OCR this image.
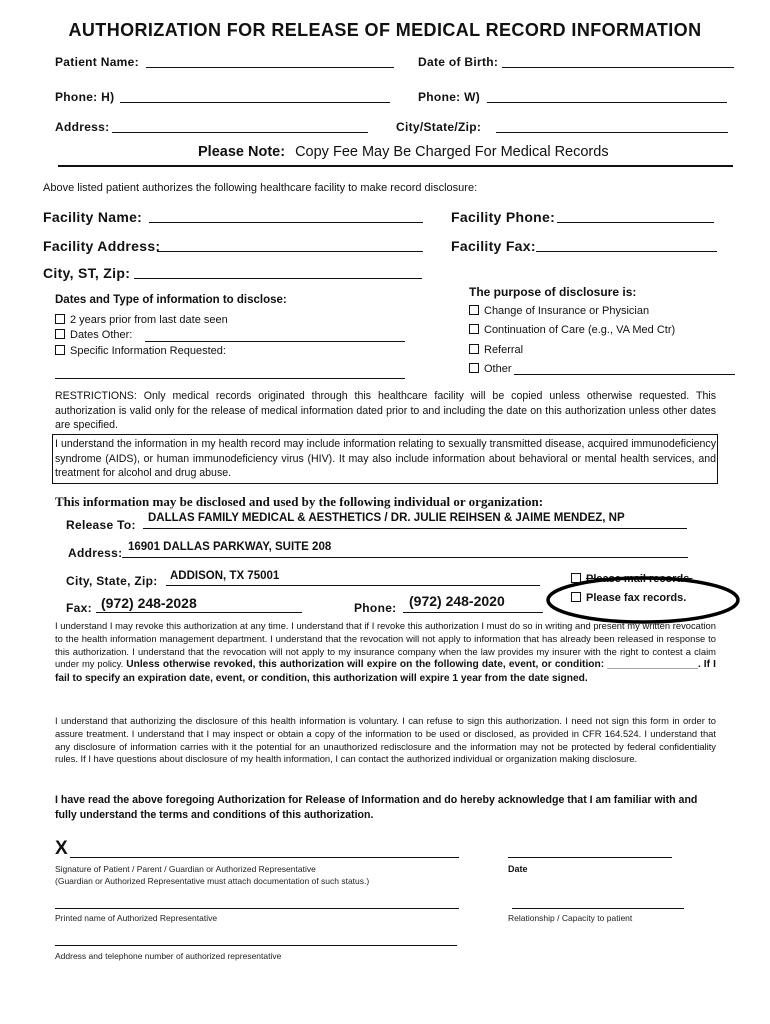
AUTHORIZATION FOR RELEASE OF MEDICAL RECORD INFORMATION
Patient Name:	Date of Birth:
Phone: H)	Phone: W)
Address:	City/State/Zip:
Please Note: Copy Fee May Be Charged For Medical Records
Above listed patient authorizes the following healthcare facility to make record disclosure:
Facility Name:	Facility Phone:
Facility Address:	Facility Fax:
City, ST, Zip:
Dates and Type of information to disclose:
2 years prior from last date seen
Dates Other:
Specific Information Requested:
The purpose of disclosure is:
Change of Insurance or Physician
Continuation of Care (e.g., VA Med Ctr)
Referral
Other
RESTRICTIONS: Only medical records originated through this healthcare facility will be copied unless otherwise requested. This authorization is valid only for the release of medical information dated prior to and including the date on this authorization unless other dates are specified.
I understand the information in my health record may include information relating to sexually transmitted disease, acquired immunodeficiency syndrome (AIDS), or human immunodeficiency virus (HIV). It may also include information about behavioral or mental health services, and treatment for alcohol and drug abuse.
This information may be disclosed and used by the following individual or organization:
Release To: DALLAS FAMILY MEDICAL & AESTHETICS / DR. JULIE REIHSEN & JAIME MENDEZ, NP
Address: 16901 DALLAS PARKWAY, SUITE 208
City, State, Zip: ADDISON, TX 75001
Fax: (972) 248-2028	Phone: (972) 248-2020
Please mail records.
Please fax records.
I understand I may revoke this authorization at any time. I understand that if I revoke this authorization I must do so in writing and present my written revocation to the health information management department. I understand that the revocation will not apply to information that has already been released in response to this authorization. I understand that the revocation will not apply to my insurance company when the law provides my insurer with the right to contest a claim under my policy. Unless otherwise revoked, this authorization will expire on the following date, event, or condition: ________________. If I fail to specify an expiration date, event, or condition, this authorization will expire 1 year from the date signed.
I understand that authorizing the disclosure of this health information is voluntary. I can refuse to sign this authorization. I need not sign this form in order to assure treatment. I understand that I may inspect or obtain a copy of the information to be used or disclosed, as provided in CFR 164.524. I understand that any disclosure of information carries with it the potential for an unauthorized redisclosure and the information may not be protected by federal confidentiality rules. If I have questions about disclosure of my health information, I can contact the authorized individual or organization making disclosure.
I have read the above foregoing Authorization for Release of Information and do hereby acknowledge that I am familiar with and fully understand the terms and conditions of this authorization.
X
Signature of Patient / Parent / Guardian or Authorized Representative
(Guardian or Authorized Representative must attach documentation of such status.)
Date
Printed name of Authorized Representative	Relationship / Capacity to patient
Address and telephone number of authorized representative
